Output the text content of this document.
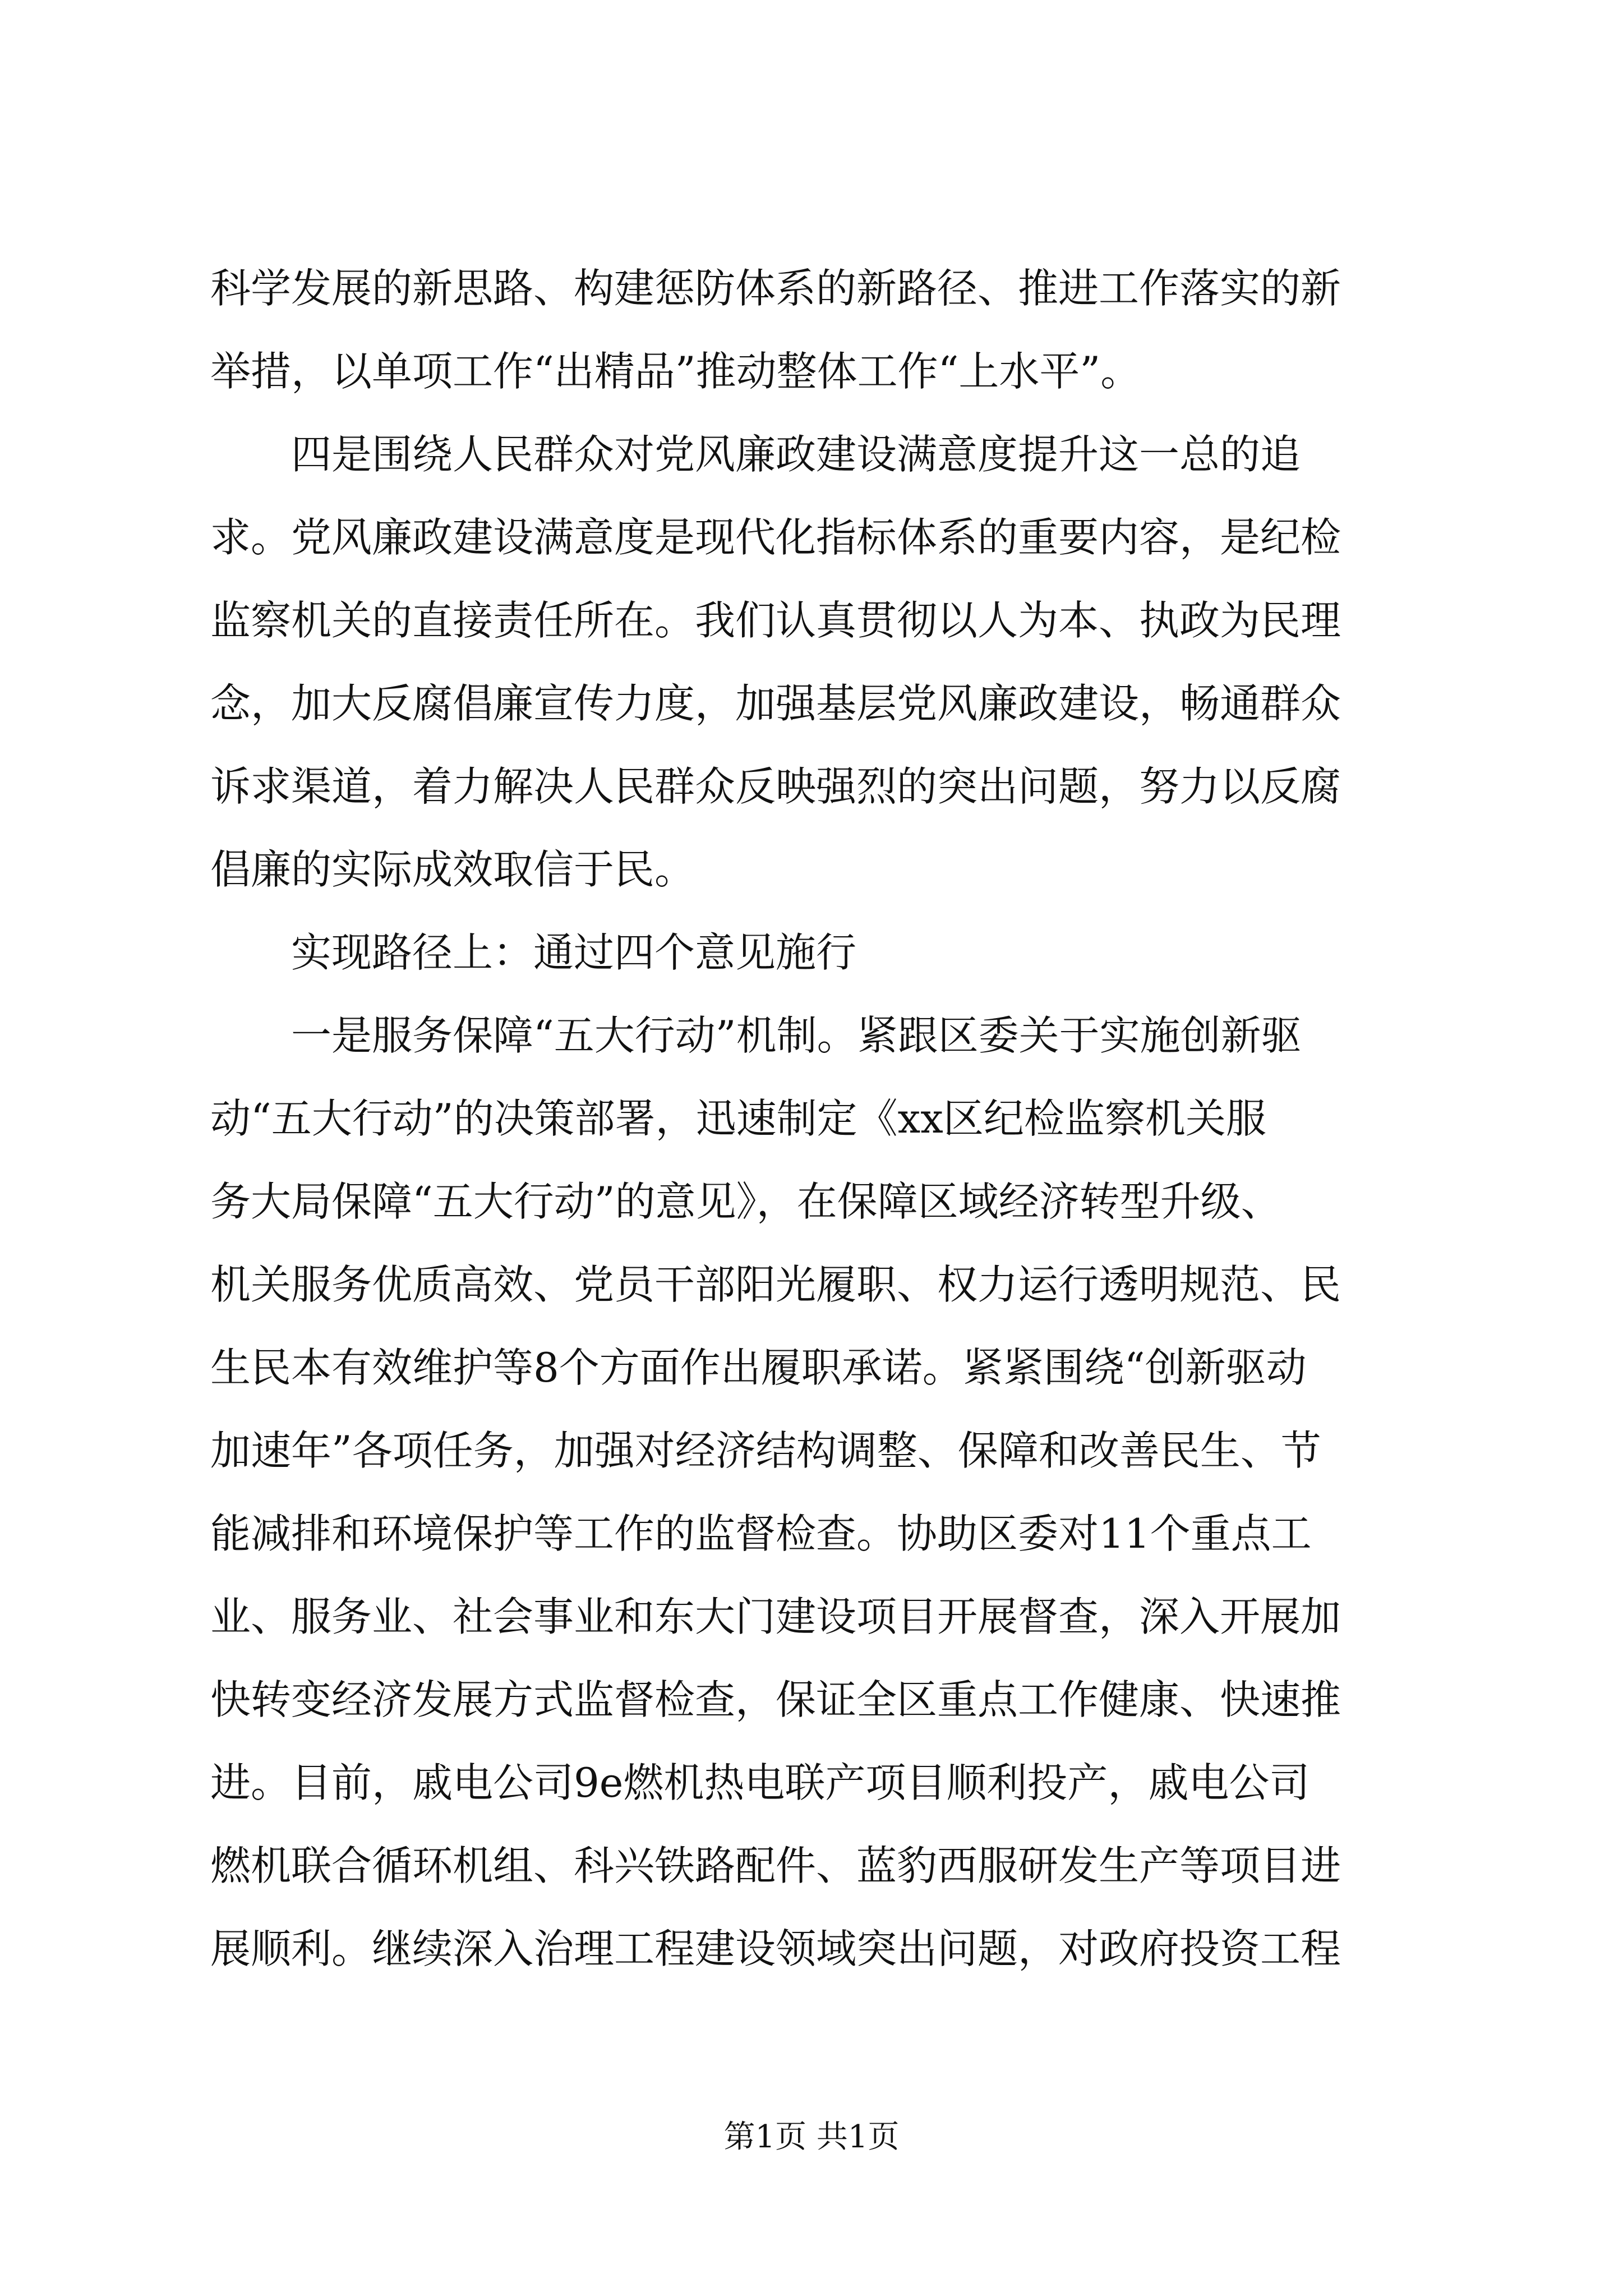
科学发展的新思路、构建惩防体系的新路径、推进工作落实的新
举措，以单项工作“出精品”推动整体工作“上水平”。
　　四是围绕人民群众对党风廉政建设满意度提升这一总的追
求。党风廉政建设满意度是现代化指标体系的重要内容，是纪检
监察机关的直接责任所在。我们认真贯彻以人为本、执政为民理
念，加大反腐倡廉宣传力度，加强基层党风廉政建设，畅通群众
诉求渠道，着力解决人民群众反映强烈的突出问题，努力以反腐
倡廉的实际成效取信于民。
　　实现路径上：通过四个意见施行
　　一是服务保障“五大行动”机制。紧跟区委关于实施创新驱
动“五大行动”的决策部署，迅速制定《xx区纪检监察机关服
务大局保障“五大行动”的意见》，在保障区域经济转型升级、
机关服务优质高效、党员干部阳光履职、权力运行透明规范、民
生民本有效维护等8个方面作出履职承诺。紧紧围绕“创新驱动
加速年”各项任务，加强对经济结构调整、保障和改善民生、节
能减排和环境保护等工作的监督检查。协助区委对11个重点工
业、服务业、社会事业和东大门建设项目开展督查，深入开展加
快转变经济发展方式监督检查，保证全区重点工作健康、快速推
进。目前，戚电公司9e燃机热电联产项目顺利投产，戚电公司
燃机联合循环机组、科兴铁路配件、蓝豹西服研发生产等项目进
展顺利。继续深入治理工程建设领域突出问题，对政府投资工程
第1页 共1页
